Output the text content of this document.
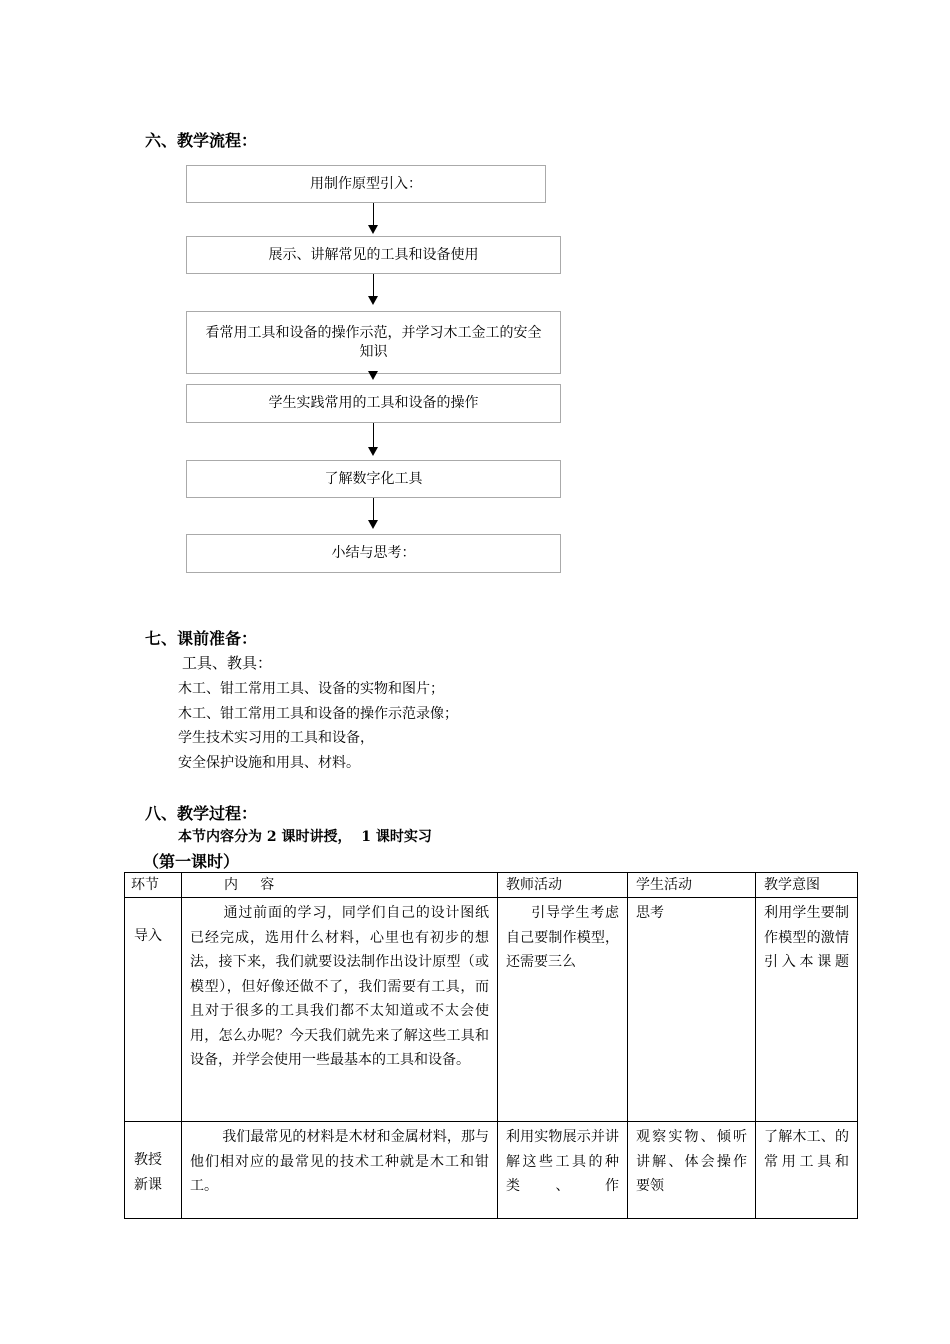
六、教学流程：
用制作原型引入：
展示、讲解常见的工具和设备使用
看常用工具和设备的操作示范，并学习木工金工的安全知识
学生实践常用的工具和设备的操作
了解数字化工具
小结与思考：
七、课前准备：
工具、教具：
木工、钳工常用工具、设备的实物和图片；
木工、钳工常用工具和设备的操作示范录像；
学生技术实习用的工具和设备，
安全保护设施和用具、材料。
八、教学过程：
本节内容分为 2 课时讲授，  1 课时实习
（第一课时）
环节	内     容	教师活动	学生活动	教学意图
导入	通过前面的学习，同学们自己的设计图纸已经完成，选用什么材料，心里也有初步的想法，接下来，我们就要设法制作出设计原型（或模型），但好像还做不了，我们需要有工具，而且对于很多的工具我们都不太知道或不太会使用，怎么办呢？今天我们就先来了解这些工具和设备，并学会使用一些最基本的工具和设备。	引导学生考虑自己要制作模型，还需要三么	思考	利用学生要制作模型的激情引入本课题
教授新课	我们最常见的材料是木材和金属材料，那与他们相对应的最常见的技术工种就是木工和钳工。	利用实物展示并讲解这些工具的种类、作	观察实物、倾听讲解、体会操作要领	了解木工、的常用工具和
